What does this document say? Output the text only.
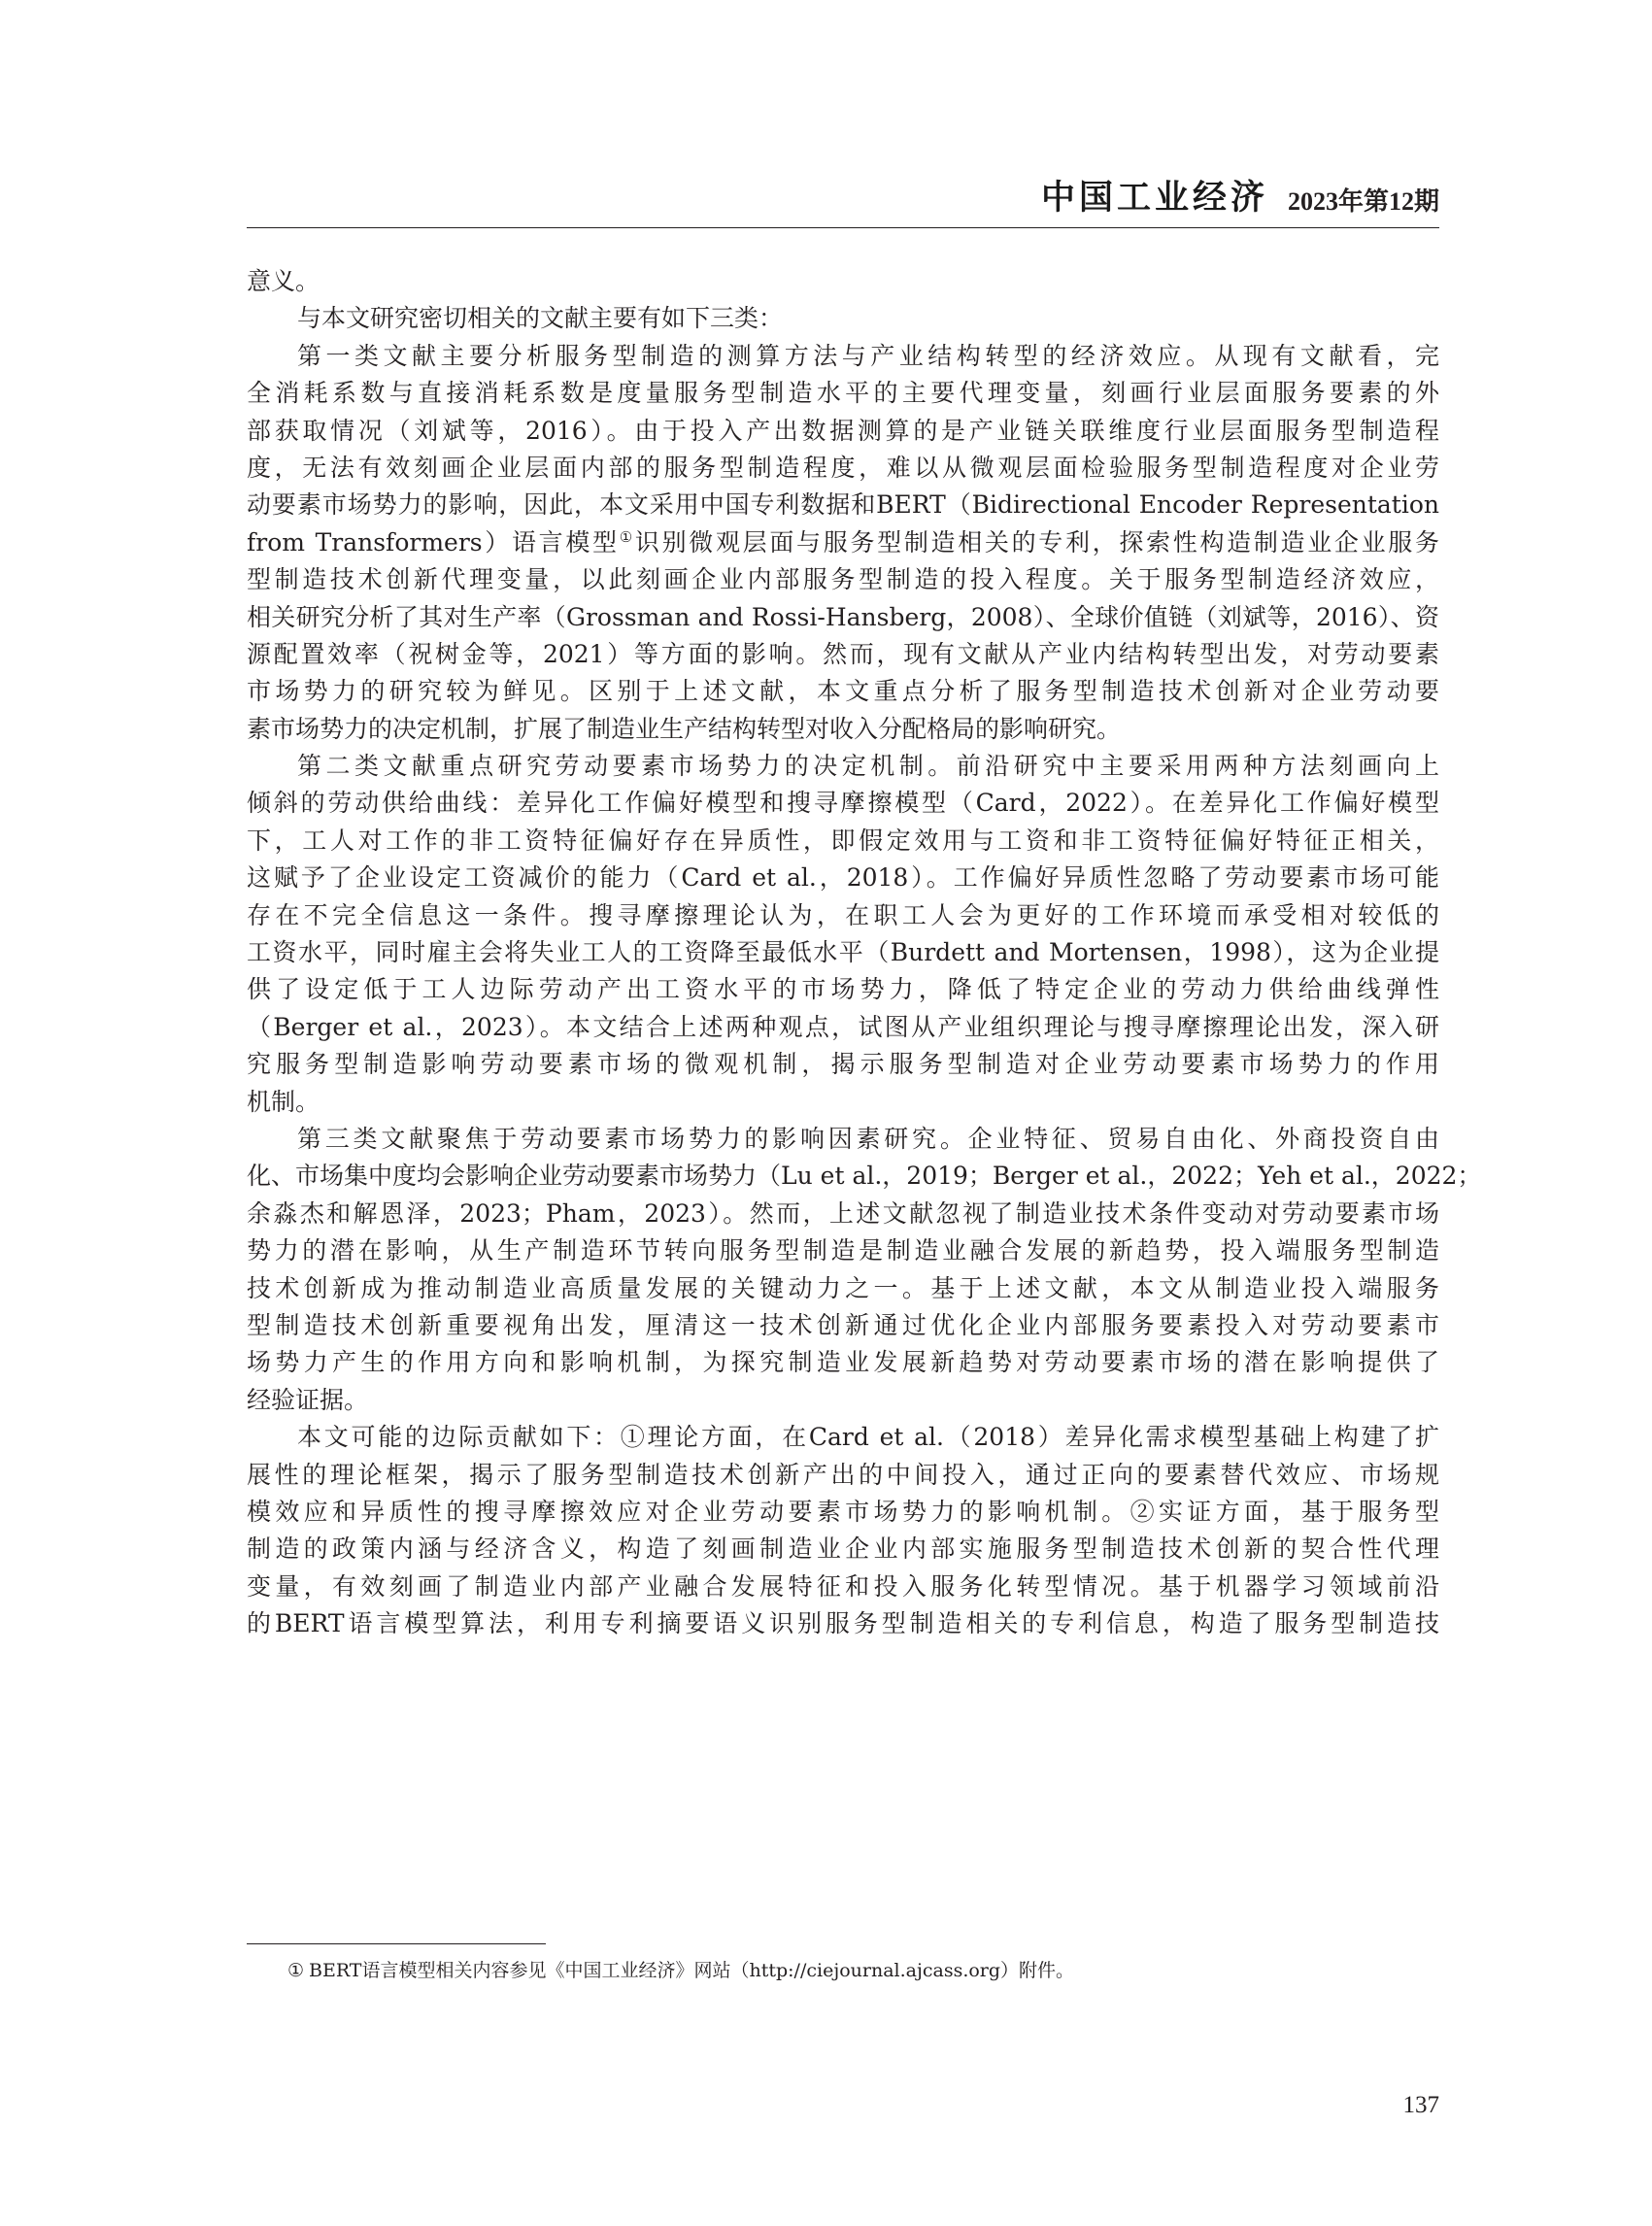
中国工业经济 2023年第12期
意义。
与本文研究密切相关的文献主要有如下三类：
第一类文献主要分析服务型制造的测算方法与产业结构转型的经济效应。从现有文献看，完
全消耗系数与直接消耗系数是度量服务型制造水平的主要代理变量，刻画行业层面服务要素的外
部获取情况（刘斌等，2016）。由于投入产出数据测算的是产业链关联维度行业层面服务型制造程
度，无法有效刻画企业层面内部的服务型制造程度，难以从微观层面检验服务型制造程度对企业劳
动要素市场势力的影响，因此，本文采用中国专利数据和BERT（Bidirectional Encoder Representation
from Transformers）语言模型①识别微观层面与服务型制造相关的专利，探索性构造制造业企业服务
型制造技术创新代理变量，以此刻画企业内部服务型制造的投入程度。关于服务型制造经济效应，
相关研究分析了其对生产率（Grossman and Rossi-Hansberg，2008）、全球价值链（刘斌等，2016）、资
源配置效率（祝树金等，2021）等方面的影响。然而，现有文献从产业内结构转型出发，对劳动要素
市场势力的研究较为鲜见。区别于上述文献，本文重点分析了服务型制造技术创新对企业劳动要
素市场势力的决定机制，扩展了制造业生产结构转型对收入分配格局的影响研究。
第二类文献重点研究劳动要素市场势力的决定机制。前沿研究中主要采用两种方法刻画向上
倾斜的劳动供给曲线：差异化工作偏好模型和搜寻摩擦模型（Card，2022）。在差异化工作偏好模型
下，工人对工作的非工资特征偏好存在异质性，即假定效用与工资和非工资特征偏好特征正相关，
这赋予了企业设定工资减价的能力（Card et al.，2018）。工作偏好异质性忽略了劳动要素市场可能
存在不完全信息这一条件。搜寻摩擦理论认为，在职工人会为更好的工作环境而承受相对较低的
工资水平，同时雇主会将失业工人的工资降至最低水平（Burdett and Mortensen，1998），这为企业提
供了设定低于工人边际劳动产出工资水平的市场势力，降低了特定企业的劳动力供给曲线弹性
（Berger et al.，2023）。本文结合上述两种观点，试图从产业组织理论与搜寻摩擦理论出发，深入研
究服务型制造影响劳动要素市场的微观机制，揭示服务型制造对企业劳动要素市场势力的作用
机制。
第三类文献聚焦于劳动要素市场势力的影响因素研究。企业特征、贸易自由化、外商投资自由
化、市场集中度均会影响企业劳动要素市场势力（Lu et al.，2019；Berger et al.，2022；Yeh et al.，2022；
余淼杰和解恩泽，2023；Pham，2023）。然而，上述文献忽视了制造业技术条件变动对劳动要素市场
势力的潜在影响，从生产制造环节转向服务型制造是制造业融合发展的新趋势，投入端服务型制造
技术创新成为推动制造业高质量发展的关键动力之一。基于上述文献，本文从制造业投入端服务
型制造技术创新重要视角出发，厘清这一技术创新通过优化企业内部服务要素投入对劳动要素市
场势力产生的作用方向和影响机制，为探究制造业发展新趋势对劳动要素市场的潜在影响提供了
经验证据。
本文可能的边际贡献如下：①理论方面，在Card et al.（2018）差异化需求模型基础上构建了扩
展性的理论框架，揭示了服务型制造技术创新产出的中间投入，通过正向的要素替代效应、市场规
模效应和异质性的搜寻摩擦效应对企业劳动要素市场势力的影响机制。②实证方面，基于服务型
制造的政策内涵与经济含义，构造了刻画制造业企业内部实施服务型制造技术创新的契合性代理
变量，有效刻画了制造业内部产业融合发展特征和投入服务化转型情况。基于机器学习领域前沿
的BERT语言模型算法，利用专利摘要语义识别服务型制造相关的专利信息，构造了服务型制造技
① BERT语言模型相关内容参见《中国工业经济》网站（http://ciejournal.ajcass.org）附件。
137
